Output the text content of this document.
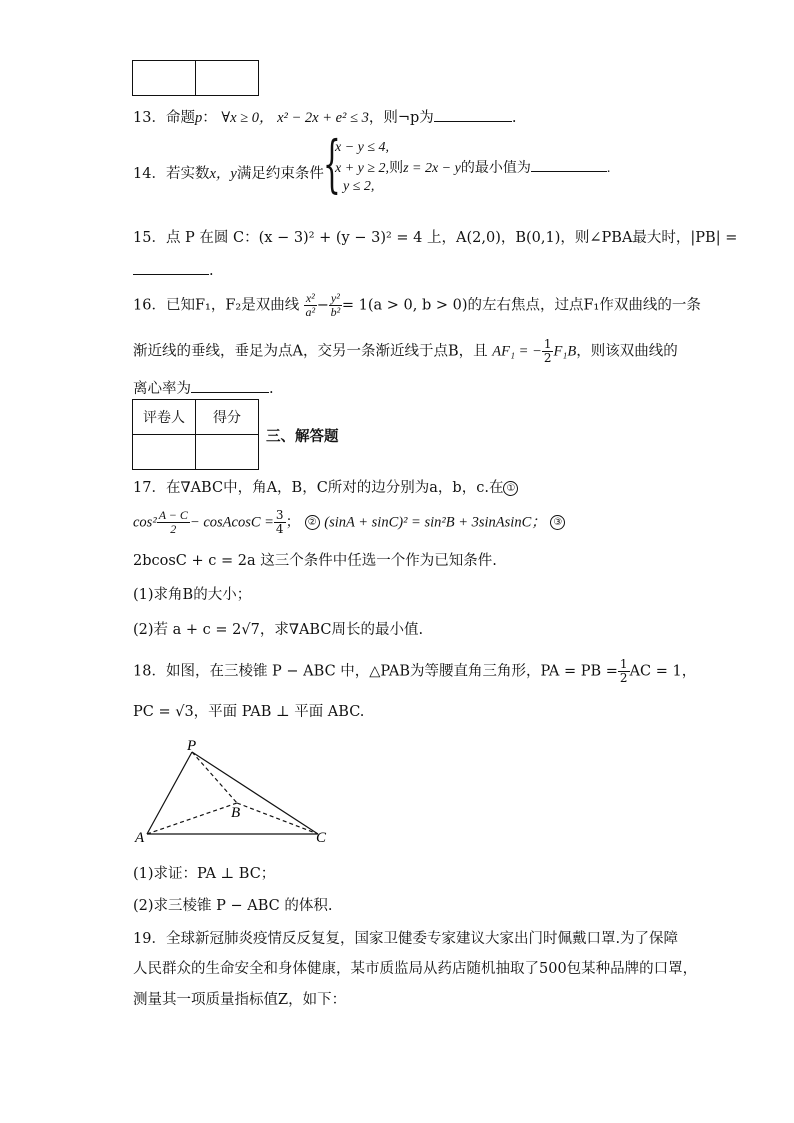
13．命题p： ∀x ≥ 0， x² − 2x + e² ≤ 3，则¬p为	.
14．若实数x，y满足约束条件 {
x − y ≤ 4,
x + y ≥ 2,则z = 2x − y的最小值为	.
y ≤ 2,
15．点 P 在圆 C：(x − 3)² + (y − 3)² = 4 上，A(2,0)，B(0,1)，则∠PBA最大时，|PB| =
.
16．已知F₁，F₂是双曲线 $\frac{\text{x²}}{\text{a²}} - \frac{\text{y²}}{\text{b²}} = 1(a > 0$, b > 0)的左右焦点，过点F₁作双曲线的一条
渐近线的垂线，垂足为点A，交另一条渐近线于点B，且 AF₁ = − $\frac{1}{2} F_1B$，则该双曲线的
离心率为	.
评卷人	得分

三、解答题
17．在∇ABC中，角A，B，C所对的边分别为a，b，c.在 ①
$\cos^2 \frac{A - C}{2}$ − cosAcosC = $\frac{3}{4}$ ； ② (sinA + sinC)² = sin²B + 3sinAsinC； ③
2bcosC + c = 2a 这三个条件中任选一个作为已知条件.
(1)求角B的大小；
(2)若 a + c = 2√7，求∇ABC周长的最小值.
18．如图，在三棱锥 P − ABC 中，△PAB为等腰直角三角形，PA = PB = $\frac{1}{2}$ AC = 1，
PC = √3，平面 PAB ⊥ 平面 ABC.
P
A
B
C
(1)求证：PA ⊥ BC；
(2)求三棱锥 P − ABC 的体积.
19．全球新冠肺炎疫情反反复复，国家卫健委专家建议大家出门时佩戴口罩.为了保障
人民群众的生命安全和身体健康，某市质监局从药店随机抽取了500包某种品牌的口罩，
测量其一项质量指标值Z，如下：
